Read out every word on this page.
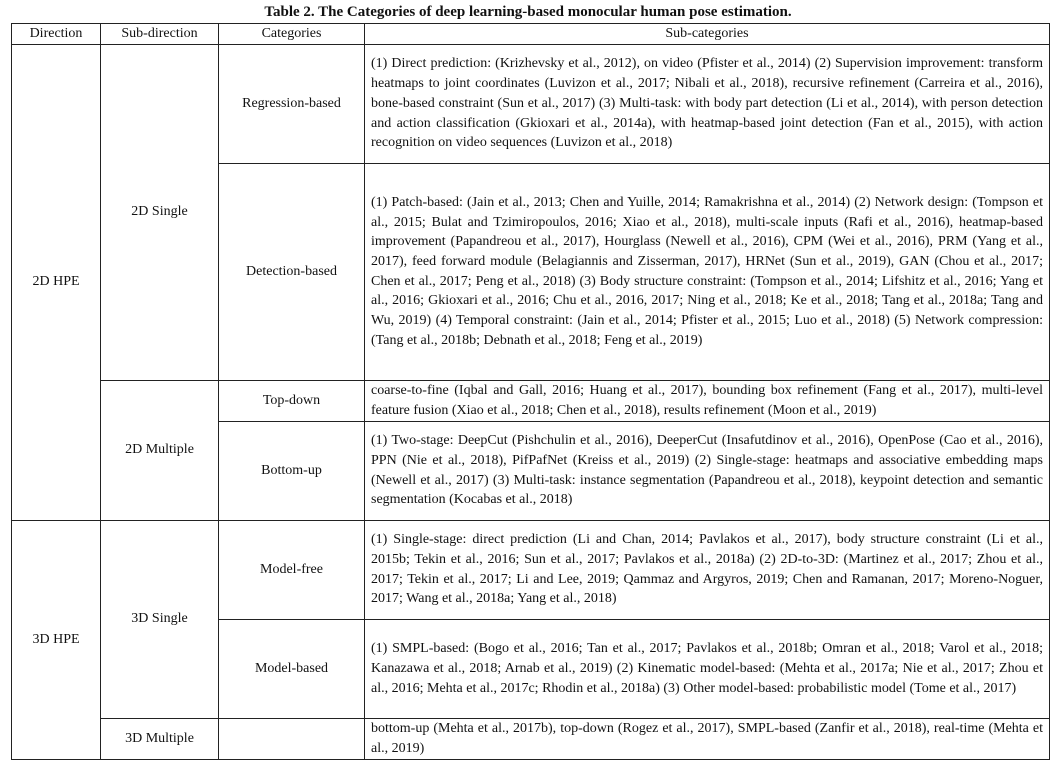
Table 2. The Categories of deep learning-based monocular human pose estimation.
Direction	Sub-direction	Categories	Sub-categories
2D HPE	2D Single	Regression-based	(1) Direct prediction: (Krizhevsky et al., 2012), on video (Pfister et al., 2014) (2) Supervision improvement: transform heatmaps to joint coordinates (Luvizon et al., 2017; Nibali et al., 2018), recursive refinement (Carreira et al., 2016), bone-based constraint (Sun et al., 2017) (3) Multi-task: with body part detection (Li et al., 2014), with person detection and action classification (Gkioxari et al., 2014a), with heatmap-based joint detection (Fan et al., 2015), with action recognition on video sequences (Luvizon et al., 2018)
		Detection-based	(1) Patch-based: (Jain et al., 2013; Chen and Yuille, 2014; Ramakrishna et al., 2014) (2) Network design: (Tompson et al., 2015; Bulat and Tzimiropoulos, 2016; Xiao et al., 2018), multi-scale inputs (Rafi et al., 2016), heatmap-based improvement (Papandreou et al., 2017), Hourglass (Newell et al., 2016), CPM (Wei et al., 2016), PRM (Yang et al., 2017), feed forward module (Belagiannis and Zisserman, 2017), HRNet (Sun et al., 2019), GAN (Chou et al., 2017; Chen et al., 2017; Peng et al., 2018) (3) Body structure constraint: (Tompson et al., 2014; Lifshitz et al., 2016; Yang et al., 2016; Gkioxari et al., 2016; Chu et al., 2016, 2017; Ning et al., 2018; Ke et al., 2018; Tang et al., 2018a; Tang and Wu, 2019) (4) Temporal constraint: (Jain et al., 2014; Pfister et al., 2015; Luo et al., 2018) (5) Network compression: (Tang et al., 2018b; Debnath et al., 2018; Feng et al., 2019)
	2D Multiple	Top-down	coarse-to-fine (Iqbal and Gall, 2016; Huang et al., 2017), bounding box refinement (Fang et al., 2017), multi-level feature fusion (Xiao et al., 2018; Chen et al., 2018), results refinement (Moon et al., 2019)
		Bottom-up	(1) Two-stage: DeepCut (Pishchulin et al., 2016), DeeperCut (Insafutdinov et al., 2016), OpenPose (Cao et al., 2016), PPN (Nie et al., 2018), PifPafNet (Kreiss et al., 2019) (2) Single-stage: heatmaps and associative embedding maps (Newell et al., 2017) (3) Multi-task: instance segmentation (Papandreou et al., 2018), keypoint detection and semantic segmentation (Kocabas et al., 2018)
3D HPE	3D Single	Model-free	(1) Single-stage: direct prediction (Li and Chan, 2014; Pavlakos et al., 2017), body structure constraint (Li et al., 2015b; Tekin et al., 2016; Sun et al., 2017; Pavlakos et al., 2018a) (2) 2D-to-3D: (Martinez et al., 2017; Zhou et al., 2017; Tekin et al., 2017; Li and Lee, 2019; Qammaz and Argyros, 2019; Chen and Ramanan, 2017; Moreno-Noguer, 2017; Wang et al., 2018a; Yang et al., 2018)
		Model-based	(1) SMPL-based: (Bogo et al., 2016; Tan et al., 2017; Pavlakos et al., 2018b; Omran et al., 2018; Varol et al., 2018; Kanazawa et al., 2018; Arnab et al., 2019) (2) Kinematic model-based: (Mehta et al., 2017a; Nie et al., 2017; Zhou et al., 2016; Mehta et al., 2017c; Rhodin et al., 2018a) (3) Other model-based: probabilistic model (Tome et al., 2017)
	3D Multiple		bottom-up (Mehta et al., 2017b), top-down (Rogez et al., 2017), SMPL-based (Zanfir et al., 2018), real-time (Mehta et al., 2019)
